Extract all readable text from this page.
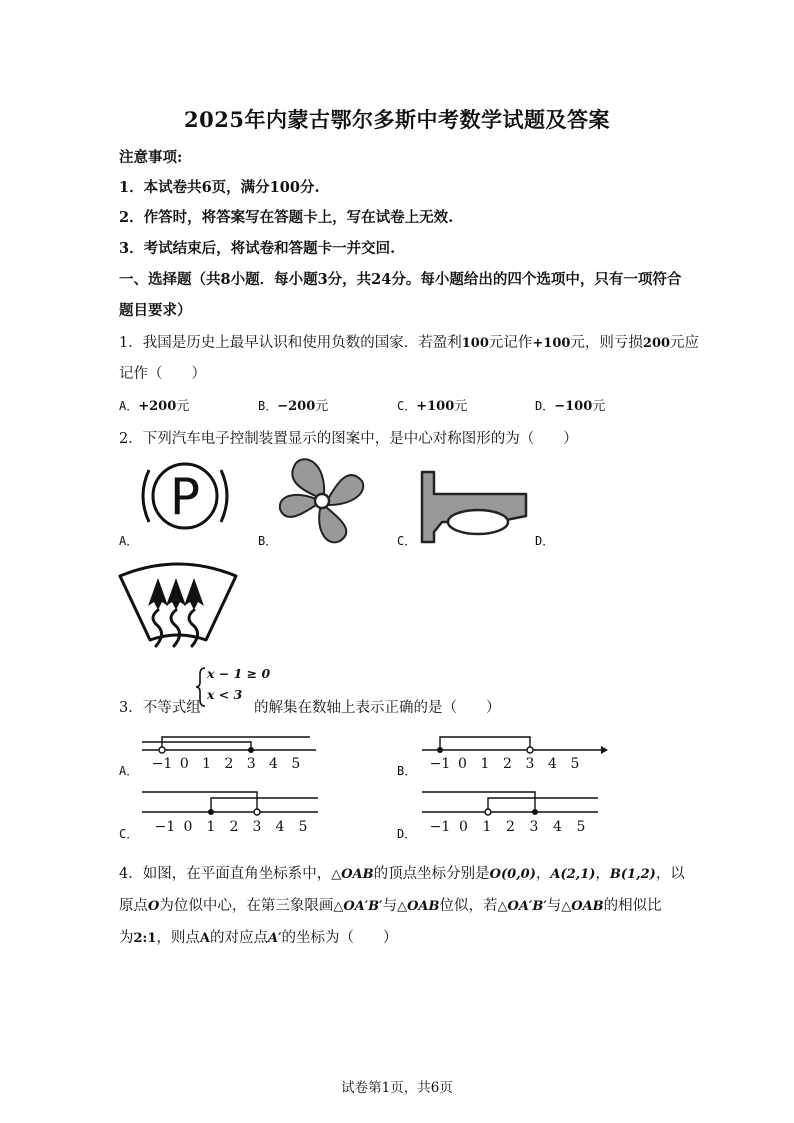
2025年内蒙古鄂尔多斯中考数学试题及答案
注意事项:
1．本试卷共6页，满分100分.
2．作答时，将答案写在答题卡上，写在试卷上无效.
3．考试结束后，将试卷和答题卡一并交回.
一、选择题（共8小题．每小题3分，共24分。每小题给出的四个选项中，只有一项符合
题目要求）
1．我国是历史上最早认识和使用负数的国家．若盈利100元记作+100元，则亏损200元应
记作（　　）
A．+200元	B．−200元	C．+100元	D．−100元
2．下列汽车电子控制装置显示的图案中，是中心对称图形的为（　　）
P
A．	B．	C．	D．
3．不等式组
x − 1 ≥ 0
x < 3
的解集在数轴上表示正确的是（　　）
−1 0 1 2 3 4 5
A．	−1 0 1 2 3 4 5
B．
−1 0 1 2 3 4 5
C．	−1 0 1 2 3 4 5
D．
4．如图，在平面直角坐标系中，△OAB的顶点坐标分别是O(0,0)，A(2,1)，B(1,2)，以
原点O为位似中心，在第三象限画△OA′B′与△OAB位似，若△OA′B′与△OAB的相似比
为2:1，则点A的对应点A′的坐标为（　　）
试卷第1页，共6页
